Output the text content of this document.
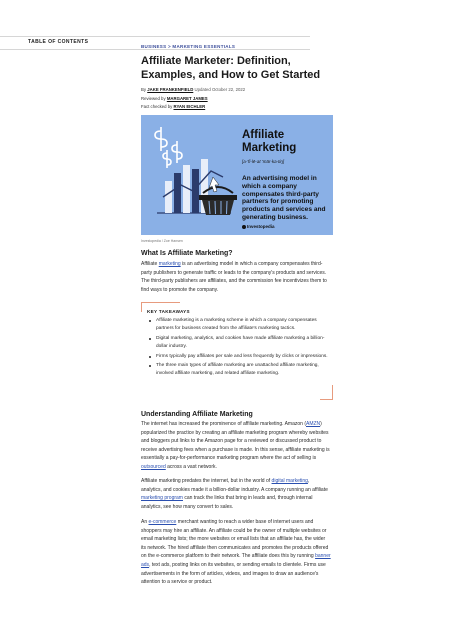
TABLE OF CONTENTS
BUSINESS > MARKETING ESSENTIALS
Affiliate Marketer: Definition, Examples, and How to Get Started
By JAKE FRANKENFIELD Updated October 22, 2022
Reviewed by MARGARET JAMES
Fact checked by RYAN EICHLER
Affiliate
Marketing
[a-'fi-lē-at 'mär-ka-tiŋ]
An advertising model in which a company compensates third-party partners for promoting products and services and generating business.
Investopedia
Investopedia / Zoe Hansen
What Is Affiliate Marketing?

Affiliate marketing is an advertising model in which a company compensates third-party publishers to generate traffic or leads to the company's products and services. The third-party publishers are affiliates, and the commission fee incentivizes them to find ways to promote the company.

KEY TAKEAWAYS
Affiliate marketing is a marketing scheme in which a company compensates partners for business created from the affiliate's marketing tactics.
Digital marketing, analytics, and cookies have made affiliate marketing a billion-dollar industry.
Firms typically pay affiliates per sale and less frequently by clicks or impressions.
The three main types of affiliate marketing are unattached affiliate marketing, involved affiliate marketing, and related affiliate marketing.
Understanding Affiliate Marketing

The internet has increased the prominence of affiliate marketing. Amazon (AMZN) popularized the practice by creating an affiliate marketing program whereby websites and bloggers put links to the Amazon page for a reviewed or discussed product to receive advertising fees when a purchase is made. In this sense, affiliate marketing is essentially a pay-for-performance marketing program where the act of selling is outsourced across a vast network.

Affiliate marketing predates the internet, but in the world of digital marketing, analytics, and cookies made it a billion-dollar industry. A company running an affiliate marketing program can track the links that bring in leads and, through internal analytics, see how many convert to sales.

An e-commerce merchant wanting to reach a wider base of internet users and shoppers may hire an affiliate. An affiliate could be the owner of multiple websites or email marketing lists; the more websites or email lists that an affiliate has, the wider its network. The hired affiliate then communicates and promotes the products offered on the e-commerce platform to their network. The affiliate does this by running banner ads, text ads, posting links on its websites, or sending emails to clientele. Firms use advertisements in the form of articles, videos, and images to draw an audience's attention to a service or product.
